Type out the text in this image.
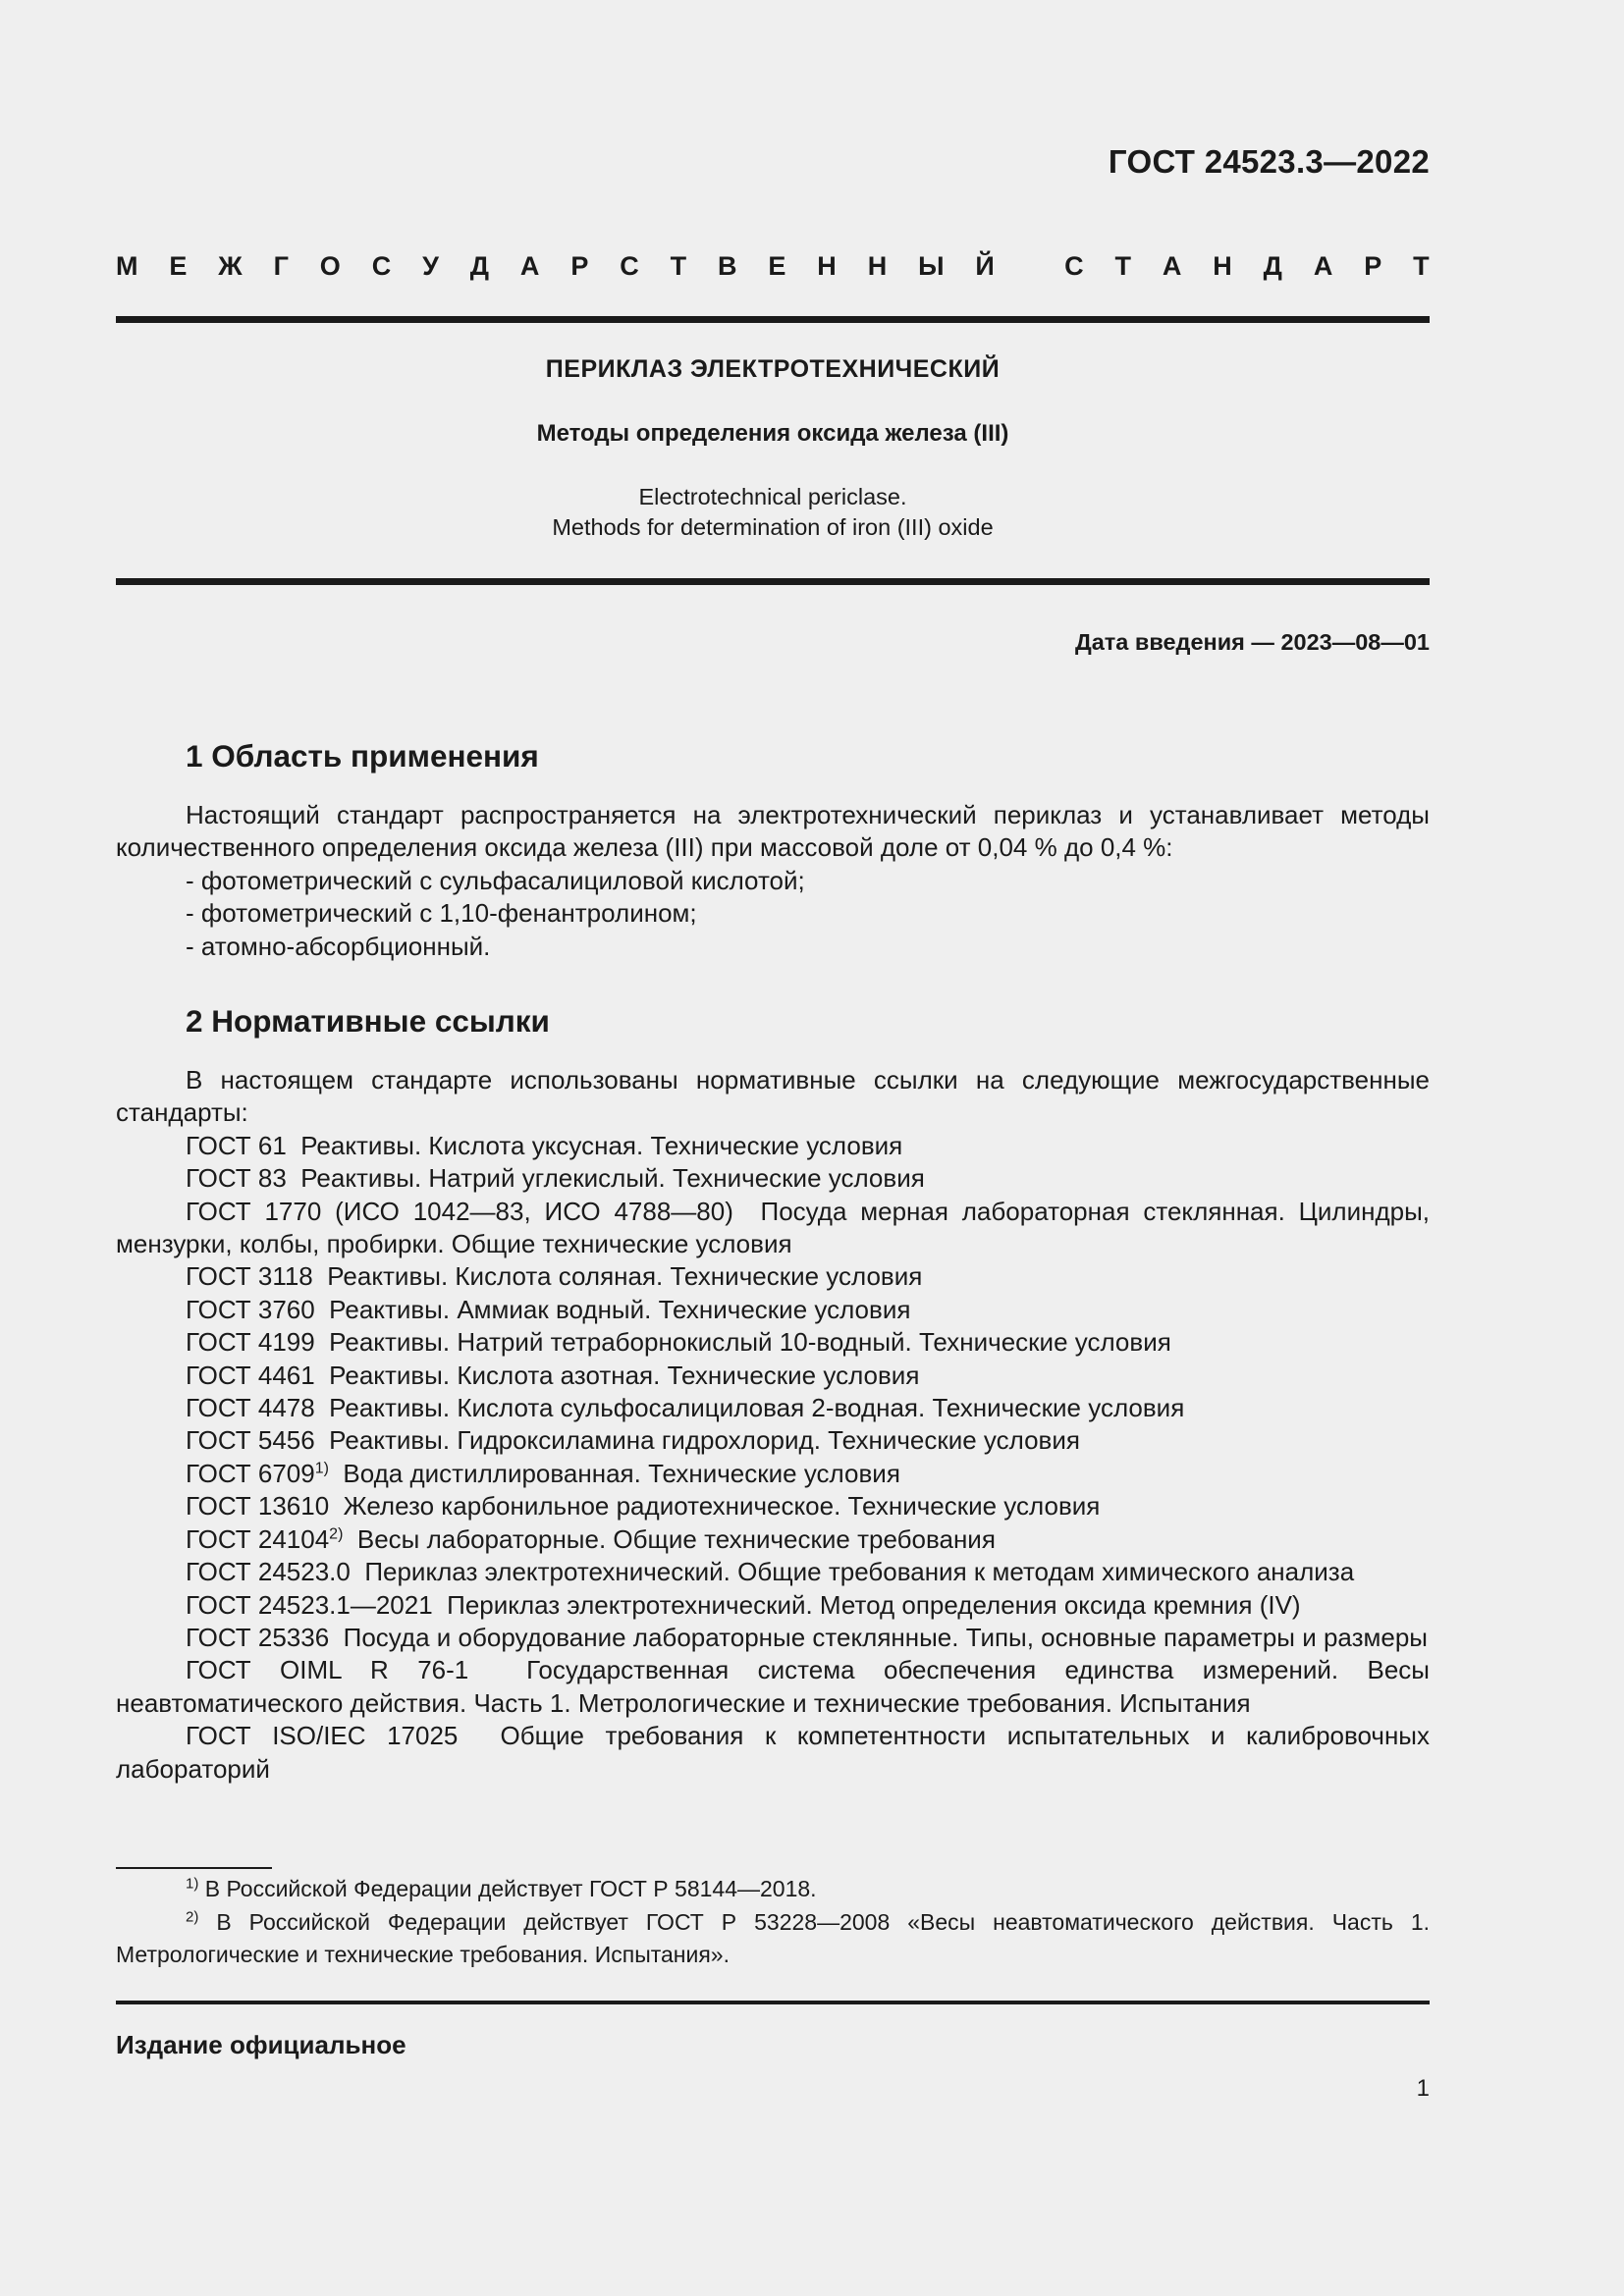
ГОСТ 24523.3—2022
М Е Ж Г О С У Д А Р С Т В Е Н Н Ы Й
	С Т А Н Д А Р Т
ПЕРИКЛАЗ ЭЛЕКТРОТЕХНИЧЕСКИЙ
Методы определения оксида железа (III)
Electrotechnical periclase.
Methods for determination of iron (III) oxide
Дата введения — 2023—08—01
1 Область применения

Настоящий стандарт распространяется на электротехнический периклаз и устанавливает методы количественного определения оксида железа (III) при массовой доле от 0,04 % до 0,4 %:

- фотометрический с сульфасалициловой кислотой;

- фотометрический с 1,10-фенантролином;

- атомно-абсорбционный.

2 Нормативные ссылки

В настоящем стандарте использованы нормативные ссылки на следующие межгосударственные стандарты:

ГОСТ 61 Реактивы. Кислота уксусная. Технические условия

ГОСТ 83 Реактивы. Натрий углекислый. Технические условия

ГОСТ 1770 (ИСО 1042—83, ИСО 4788—80) Посуда мерная лабораторная стеклянная. Цилиндры, мензурки, колбы, пробирки. Общие технические условия

ГОСТ 3118 Реактивы. Кислота соляная. Технические условия

ГОСТ 3760 Реактивы. Аммиак водный. Технические условия

ГОСТ 4199 Реактивы. Натрий тетраборнокислый 10-водный. Технические условия

ГОСТ 4461 Реактивы. Кислота азотная. Технические условия

ГОСТ 4478 Реактивы. Кислота сульфосалициловая 2-водная. Технические условия

ГОСТ 5456 Реактивы. Гидроксиламина гидрохлорид. Технические условия

ГОСТ 6709$^{1)}$ Вода дистиллированная. Технические условия

ГОСТ 13610 Железо карбонильное радиотехническое. Технические условия

ГОСТ 24104$^{2)}$ Весы лабораторные. Общие технические требования

ГОСТ 24523.0 Периклаз электротехнический. Общие требования к методам химического анализа

ГОСТ 24523.1—2021 Периклаз электротехнический. Метод определения оксида кремния (IV)

ГОСТ 25336 Посуда и оборудование лабораторные стеклянные. Типы, основные параметры и размеры

ГОСТ OIML R 76-1 Государственная система обеспечения единства измерений. Весы неавтоматического действия. Часть 1. Метрологические и технические требования. Испытания

ГОСТ ISO/IEC 17025 Общие требования к компетентности испытательных и калибровочных лабораторий

$^{1)}$ В Российской Федерации действует ГОСТ Р 58144—2018.

$^{2)}$ В Российской Федерации действует ГОСТ Р 53228—2008 «Весы неавтоматического действия. Часть 1. Метрологические и технические требования. Испытания».

Издание официальное
1
